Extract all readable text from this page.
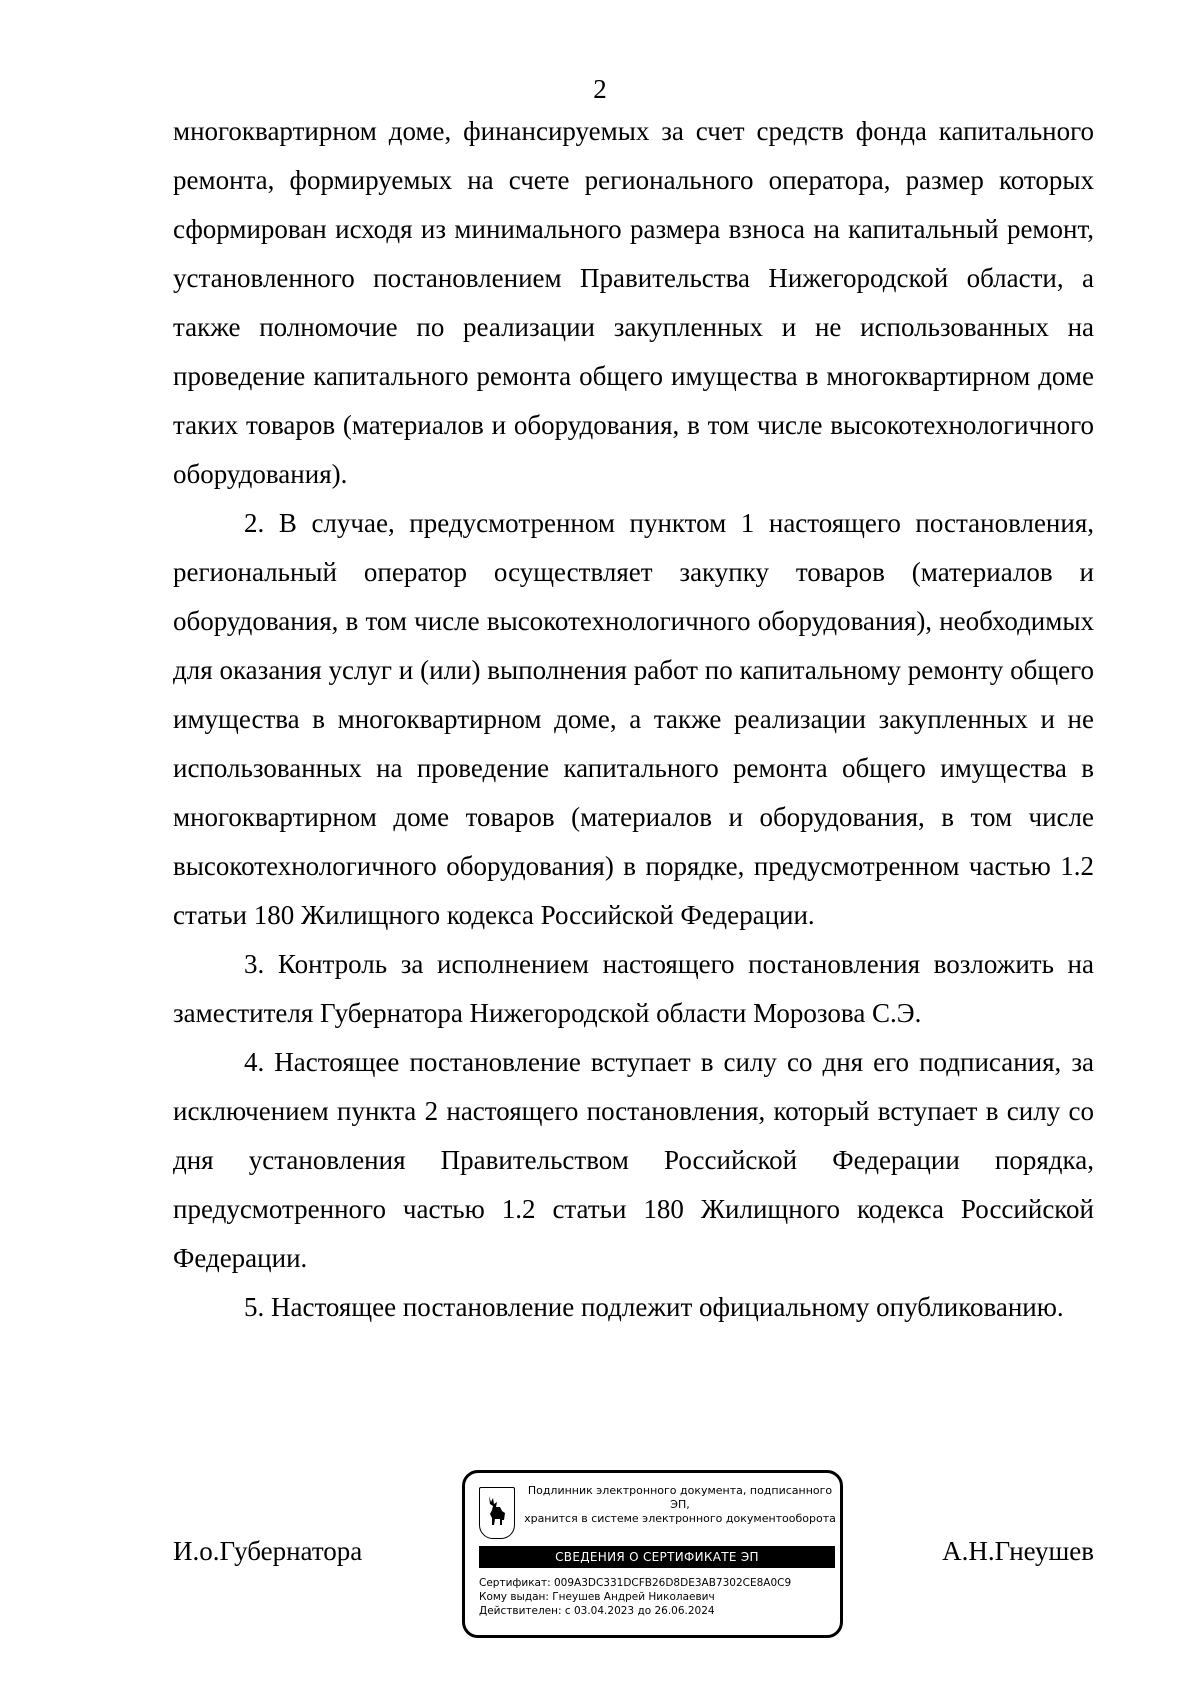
2

многоквартирном доме, финансируемых за счет средств фонда капитального ремонта, формируемых на счете регионального оператора, размер которых сформирован исходя из минимального размера взноса на капитальный ремонт, установленного постановлением Правительства Нижегородской области, а также полномочие по реализации закупленных и не использованных на проведение капитального ремонта общего имущества в многоквартирном доме таких товаров (материалов и оборудования, в том числе высокотехнологичного оборудования).

2. В случае, предусмотренном пунктом 1 настоящего постановления, региональный оператор осуществляет закупку товаров (материалов и оборудования, в том числе высокотехнологичного оборудования), необходимых для оказания услуг и (или) выполнения работ по капитальному ремонту общего имущества в многоквартирном доме, а также реализации закупленных и не использованных на проведение капитального ремонта общего имущества в многоквартирном доме товаров (материалов и оборудования, в том числе высокотехнологичного оборудования) в порядке, предусмотренном частью 1.2 статьи 180 Жилищного кодекса Российской Федерации.

3. Контроль за исполнением настоящего постановления возложить на заместителя Губернатора Нижегородской области Морозова С.Э.

4. Настоящее постановление вступает в силу со дня его подписания, за исключением пункта 2 настоящего постановления, который вступает в силу со дня установления Правительством Российской Федерации порядка, предусмотренного частью 1.2 статьи 180 Жилищного кодекса Российской Федерации.

5. Настоящее постановление подлежит официальному опубликованию.

И.о.Губернатора
Подлинник электронного документа, подписанного ЭП,
хранится в системе электронного документооборота
СВЕДЕНИЯ О СЕРТИФИКАТЕ ЭП
Сертификат: 009A3DC331DCFB26D8DE3AB7302CE8A0C9
Кому выдан: Гнеушев Андрей Николаевич
Действителен: с 03.04.2023 до 26.06.2024
А.Н.Гнеушев
